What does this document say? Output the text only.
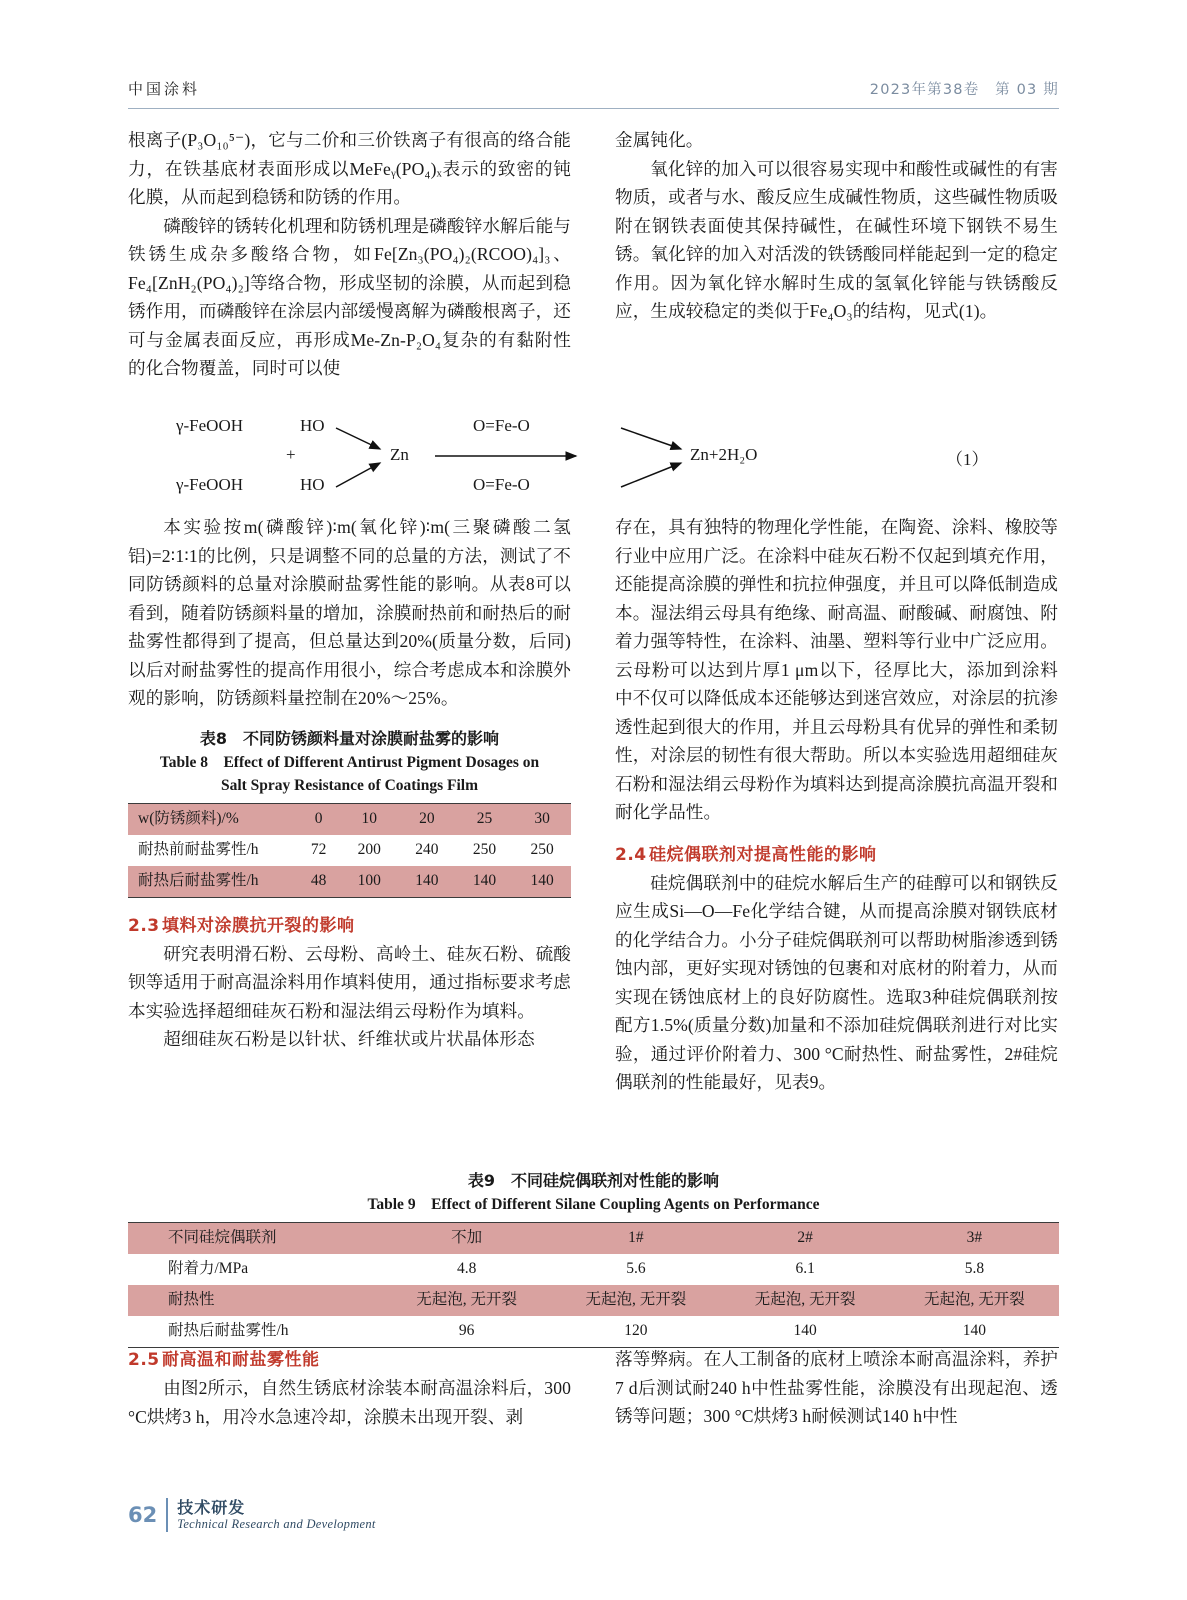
中国涂料	2023年第38卷　第 03 期

根离子(P₃O₁₀⁵⁻)，它与二价和三价铁离子有很高的络合能力，在铁基底材表面形成以MeFeᵧ(PO₄)ₓ表示的致密的钝化膜，从而起到稳锈和防锈的作用。

磷酸锌的锈转化机理和防锈机理是磷酸锌水解后能与铁锈生成杂多酸络合物，如Fe[Zn₃(PO₄)₂(RCOO)₄]₃、Fe₄[ZnH₂(PO₄)₂]等络合物，形成坚韧的涂膜，从而起到稳锈作用，而磷酸锌在涂层内部缓慢离解为磷酸根离子，还可与金属表面反应，再形成Me-Zn-P₂O₄复杂的有黏附性的化合物覆盖，同时可以使

金属钝化。

氧化锌的加入可以很容易实现中和酸性或碱性的有害物质，或者与水、酸反应生成碱性物质，这些碱性物质吸附在钢铁表面使其保持碱性，在碱性环境下钢铁不易生锈。氧化锌的加入对活泼的铁锈酸同样能起到一定的稳定作用。因为氧化锌水解时生成的氢氧化锌能与铁锈酸反应，生成较稳定的类似于Fe₄O₃的结构，见式(1)。

γ-FeOOH
γ-FeOOH
+
HO
HO
Zn
O=Fe-O
O=Fe-O
Zn+2H₂O	（1）

本实验按m(磷酸锌)∶m(氧化锌)∶m(三聚磷酸二氢铝)=2∶1∶1的比例，只是调整不同的总量的方法，测试了不同防锈颜料的总量对涂膜耐盐雾性能的影响。从表8可以看到，随着防锈颜料量的增加，涂膜耐热前和耐热后的耐盐雾性都得到了提高，但总量达到20%(质量分数，后同)以后对耐盐雾性的提高作用很小，综合考虑成本和涂膜外观的影响，防锈颜料量控制在20%～25%。

表8　不同防锈颜料量对涂膜耐盐雾的影响
Table 8　Effect of Different Antirust Pigment Dosages on
Salt Spray Resistance of Coatings Film
w(防锈颜料)/%	0	10	20	25	30
耐热前耐盐雾性/h	72	200	240	250	250
耐热后耐盐雾性/h	48	100	140	140	140
2.3 填料对涂膜抗开裂的影响

研究表明滑石粉、云母粉、高岭土、硅灰石粉、硫酸钡等适用于耐高温涂料用作填料使用，通过指标要求考虑本实验选择超细硅灰石粉和湿法绢云母粉作为填料。

超细硅灰石粉是以针状、纤维状或片状晶体形态

存在，具有独特的物理化学性能，在陶瓷、涂料、橡胶等行业中应用广泛。在涂料中硅灰石粉不仅起到填充作用，还能提高涂膜的弹性和抗拉伸强度，并且可以降低制造成本。湿法绢云母具有绝缘、耐高温、耐酸碱、耐腐蚀、附着力强等特性，在涂料、油墨、塑料等行业中广泛应用。云母粉可以达到片厚1 μm以下，径厚比大，添加到涂料中不仅可以降低成本还能够达到迷宫效应，对涂层的抗渗透性起到很大的作用，并且云母粉具有优异的弹性和柔韧性，对涂层的韧性有很大帮助。所以本实验选用超细硅灰石粉和湿法绢云母粉作为填料达到提高涂膜抗高温开裂和耐化学品性。

2.4 硅烷偶联剂对提高性能的影响

硅烷偶联剂中的硅烷水解后生产的硅醇可以和钢铁反应生成Si—O—Fe化学结合键，从而提高涂膜对钢铁底材的化学结合力。小分子硅烷偶联剂可以帮助树脂渗透到锈蚀内部，更好实现对锈蚀的包裹和对底材的附着力，从而实现在锈蚀底材上的良好防腐性。选取3种硅烷偶联剂按配方1.5%(质量分数)加量和不添加硅烷偶联剂进行对比实验，通过评价附着力、300 °C耐热性、耐盐雾性，2#硅烷偶联剂的性能最好，见表9。

表9　不同硅烷偶联剂对性能的影响
Table 9　Effect of Different Silane Coupling Agents on Performance
不同硅烷偶联剂	不加	1#	2#	3#
附着力/MPa	4.8	5.6	6.1	5.8
耐热性	无起泡, 无开裂	无起泡, 无开裂	无起泡, 无开裂	无起泡, 无开裂
耐热后耐盐雾性/h	96	120	140	140
2.5 耐高温和耐盐雾性能

由图2所示，自然生锈底材涂装本耐高温涂料后，300 °C烘烤3 h，用冷水急速冷却，涂膜未出现开裂、剥

落等弊病。在人工制备的底材上喷涂本耐高温涂料，养护7 d后测试耐240 h中性盐雾性能，涂膜没有出现起泡、透锈等问题；300 °C烘烤3 h耐候测试140 h中性

62 技术研发
Technical Research and Development
